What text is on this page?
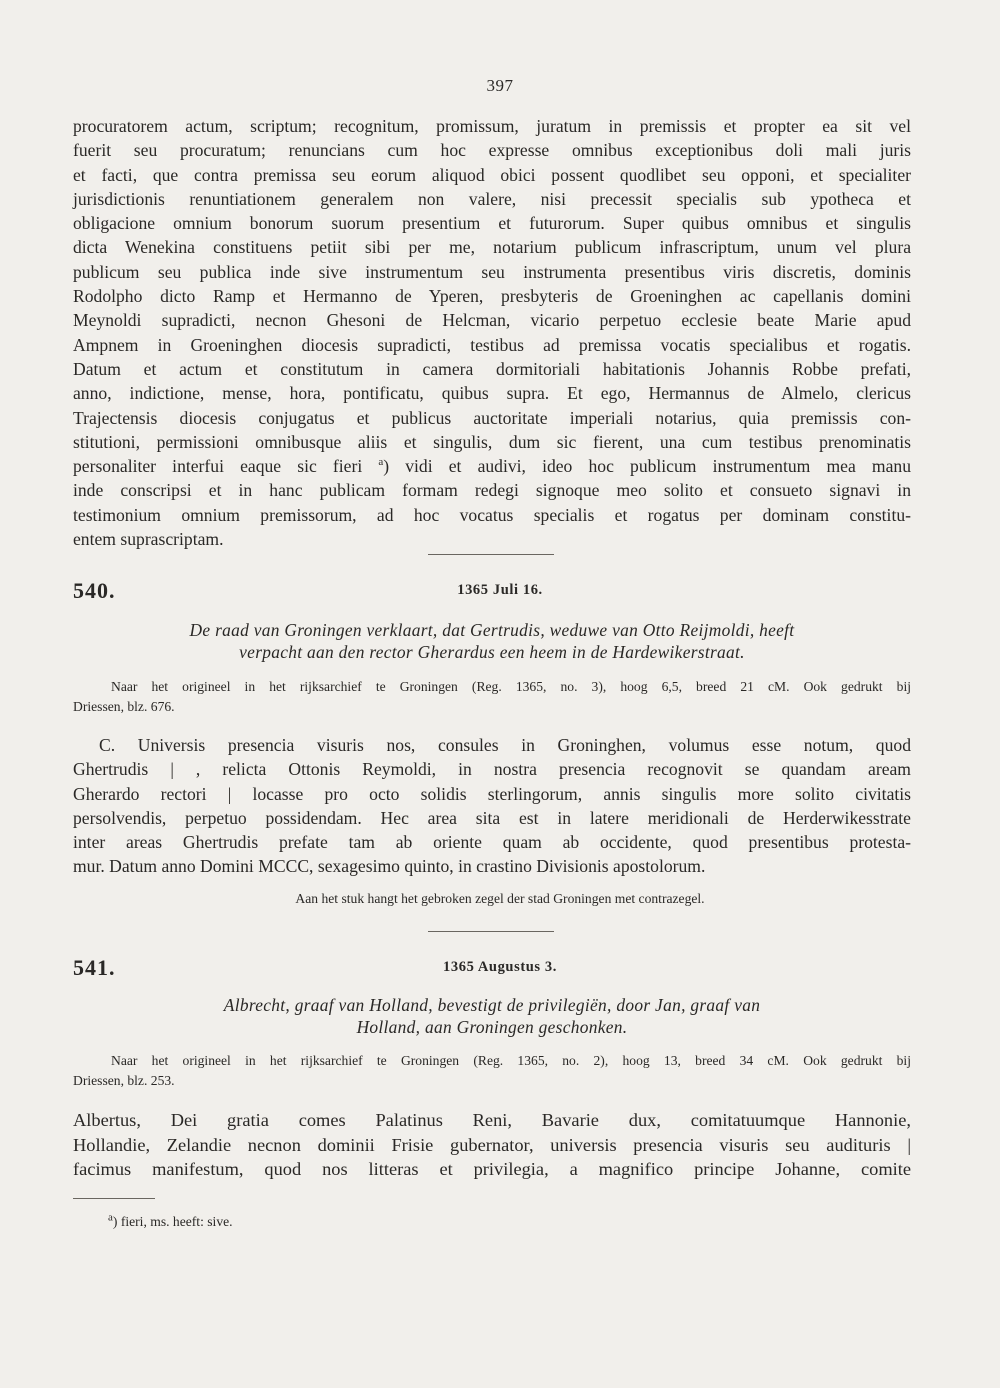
397
procuratorem actum, scriptum; recognitum, promissum, juratum in premissis et propter ea sit vel
fuerit seu procuratum; renuncians cum hoc expresse omnibus exceptionibus doli mali juris
et facti, que contra premissa seu eorum aliquod obici possent quodlibet seu opponi, et specialiter
jurisdictionis renuntiationem generalem non valere, nisi precessit specialis sub ypotheca et
obligacione omnium bonorum suorum presentium et futurorum. Super quibus omnibus et singulis
dicta Wenekina constituens petiit sibi per me, notarium publicum infrascriptum, unum vel plura
publicum seu publica inde sive instrumentum seu instrumenta presentibus viris discretis, dominis
Rodolpho dicto Ramp et Hermanno de Yperen, presbyteris de Groeninghen ac capellanis domini
Meynoldi supradicti, necnon Ghesoni de Helcman, vicario perpetuo ecclesie beate Marie apud
Ampnem in Groeninghen diocesis supradicti, testibus ad premissa vocatis specialibus et rogatis.
Datum et actum et constitutum in camera dormitoriali habitationis Johannis Robbe prefati,
anno, indictione, mense, hora, pontificatu, quibus supra. Et ego, Hermannus de Almelo, clericus
Trajectensis diocesis conjugatus et publicus auctoritate imperiali notarius, quia premissis con-
stitutioni, permissioni omnibusque aliis et singulis, dum sic fierent, una cum testibus prenominatis
personaliter interfui eaque sic fieri $^a$) vidi et audivi, ideo hoc publicum instrumentum mea manu
inde conscripsi et in hanc publicam formam redegi signoque meo solito et consueto signavi in
testimonium omnium premissorum, ad hoc vocatus specialis et rogatus per dominam constitu-
entem suprascriptam.
540.	1365 Juli 16.
De raad van Groningen verklaart, dat Gertrudis, weduwe van Otto Reijmoldi, heeft
verpacht aan den rector Gherardus een heem in de Hardewikerstraat.
Naar het origineel in het rijksarchief te Groningen (Reg. 1365, no. 3), hoog 6,5, breed 21 cM. Ook gedrukt bij
Driessen, blz. 676.
C. Universis presencia visuris nos, consules in Groninghen, volumus esse notum, quod
Ghertrudis | , relicta Ottonis Reymoldi, in nostra presencia recognovit se quandam aream
Gherardo rectori | locasse pro octo solidis sterlingorum, annis singulis more solito civitatis
persolvendis, perpetuo possidendam. Hec area sita est in latere meridionali de Herderwikesstrate
inter areas Ghertrudis prefate tam ab oriente quam ab occidente, quod presentibus protesta-
mur. Datum anno Domini MCCC, sexagesimo quinto, in crastino Divisionis apostolorum.
Aan het stuk hangt het gebroken zegel der stad Groningen met contrazegel.
541.	1365 Augustus 3.
Albrecht, graaf van Holland, bevestigt de privilegiën, door Jan, graaf van
Holland, aan Groningen geschonken.
Naar het origineel in het rijksarchief te Groningen (Reg. 1365, no. 2), hoog 13, breed 34 cM. Ook gedrukt bij
Driessen, blz. 253.
Albertus, Dei gratia comes Palatinus Reni, Bavarie dux, comitatuumque Hannonie,
Hollandie, Zelandie necnon dominii Frisie gubernator, universis presencia visuris seu audituris |
facimus manifestum, quod nos litteras et privilegia, a magnifico principe Johanne, comite
$^a$) fieri, ms. heeft: sive.
